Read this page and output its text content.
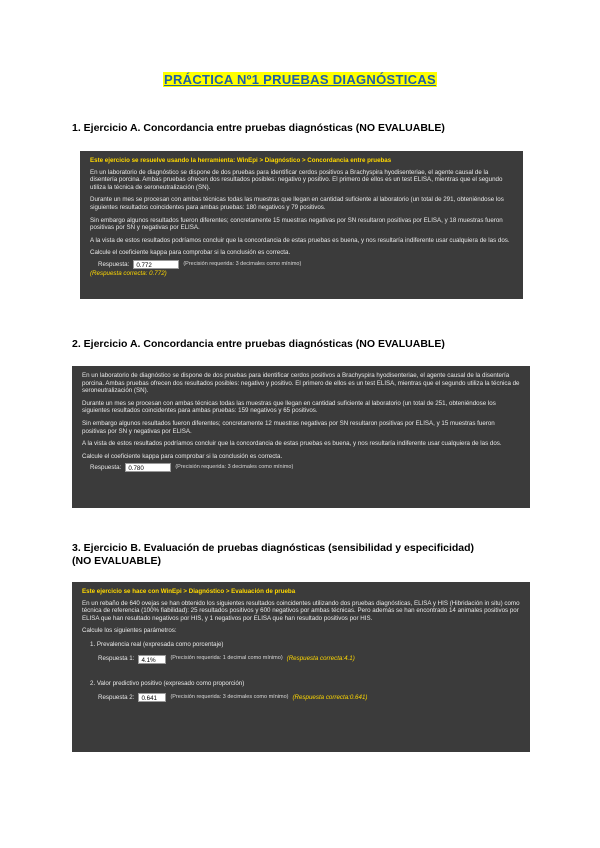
PRÁCTICA Nº1 PRUEBAS DIAGNÓSTICAS
1. Ejercicio A. Concordancia entre pruebas diagnósticas (NO EVALUABLE)

Este ejercicio se resuelve usando la herramienta: WinEpi > Diagnóstico > Concordancia entre pruebas

En un laboratorio de diagnóstico se dispone de dos pruebas para identificar cerdos positivos a Brachyspira hyodisenteriae, el agente causal de la disentería porcina. Ambas pruebas ofrecen dos resultados posibles: negativo y positivo. El primero de ellos es un test ELISA, mientras que el segundo utiliza la técnica de seroneutralización (SN).

Durante un mes se procesan con ambas técnicas todas las muestras que llegan en cantidad suficiente al laboratorio (un total de 291, obteniéndose los siguientes resultados coincidentes para ambas pruebas: 180 negativos y 79 positivos.

Sin embargo algunos resultados fueron diferentes; concretamente 15 muestras negativas por SN resultaron positivas por ELISA, y 18 muestras fueron positivas por SN y negativas por ELISA.

A la vista de estos resultados podríamos concluir que la concordancia de estas pruebas es buena, y nos resultaría indiferente usar cualquiera de las dos.

Calcule el coeficiente kappa para comprobar si la conclusión es correcta.

Respuesta:	0.772	(Precisión requerida: 3 decimales como mínimo)
(Respuesta correcta: 0.772)
2. Ejercicio A. Concordancia entre pruebas diagnósticas (NO EVALUABLE)

En un laboratorio de diagnóstico se dispone de dos pruebas para identificar cerdos positivos a Brachyspira hyodisenteriae, el agente causal de la disentería porcina. Ambas pruebas ofrecen dos resultados posibles: negativo y positivo. El primero de ellos es un test ELISA, mientras que el segundo utiliza la técnica de seroneutralización (SN).

Durante un mes se procesan con ambas técnicas todas las muestras que llegan en cantidad suficiente al laboratorio (un total de 251, obteniéndose los siguientes resultados coincidentes para ambas pruebas: 159 negativos y 65 positivos.

Sin embargo algunos resultados fueron diferentes; concretamente 12 muestras negativas por SN resultaron positivas por ELISA, y 15 muestras fueron positivas por SN y negativas por ELISA.

A la vista de estos resultados podríamos concluir que la concordancia de estas pruebas es buena, y nos resultaría indiferente usar cualquiera de las dos.

Calcule el coeficiente kappa para comprobar si la conclusión es correcta.

Respuesta:	0.780	(Precisión requerida: 3 decimales como mínimo)
3. Ejercicio B. Evaluación de pruebas diagnósticas (sensibilidad y especificidad)
(NO EVALUABLE)

Este ejercicio se hace con WinEpi > Diagnóstico > Evaluación de prueba

En un rebaño de 640 ovejas se han obtenido los siguientes resultados coincidentes utilizando dos pruebas diagnósticas, ELISA y HIS (Hibridación in situ) como técnica de referencia (100% fiabilidad): 25 resultados positivos y 600 negativos por ambas técnicas. Pero además se han encontrado 14 animales positivos por ELISA que han resultado negativos por HIS, y 1 negativos por ELISA que han resultado positivos por HIS.

Calcule los siguientes parámetros:

1. Prevalencia real (expresada como porcentaje)
Respuesta 1:	4.1%	(Precisión requerida: 1 decimal como mínimo) (Respuesta correcta:4.1)
2. Valor predictivo positivo (expresado como proporción)
Respuesta 2:	0.641	(Precisión requerida: 3 decimales como mínimo) (Respuesta correcta:0.641)
